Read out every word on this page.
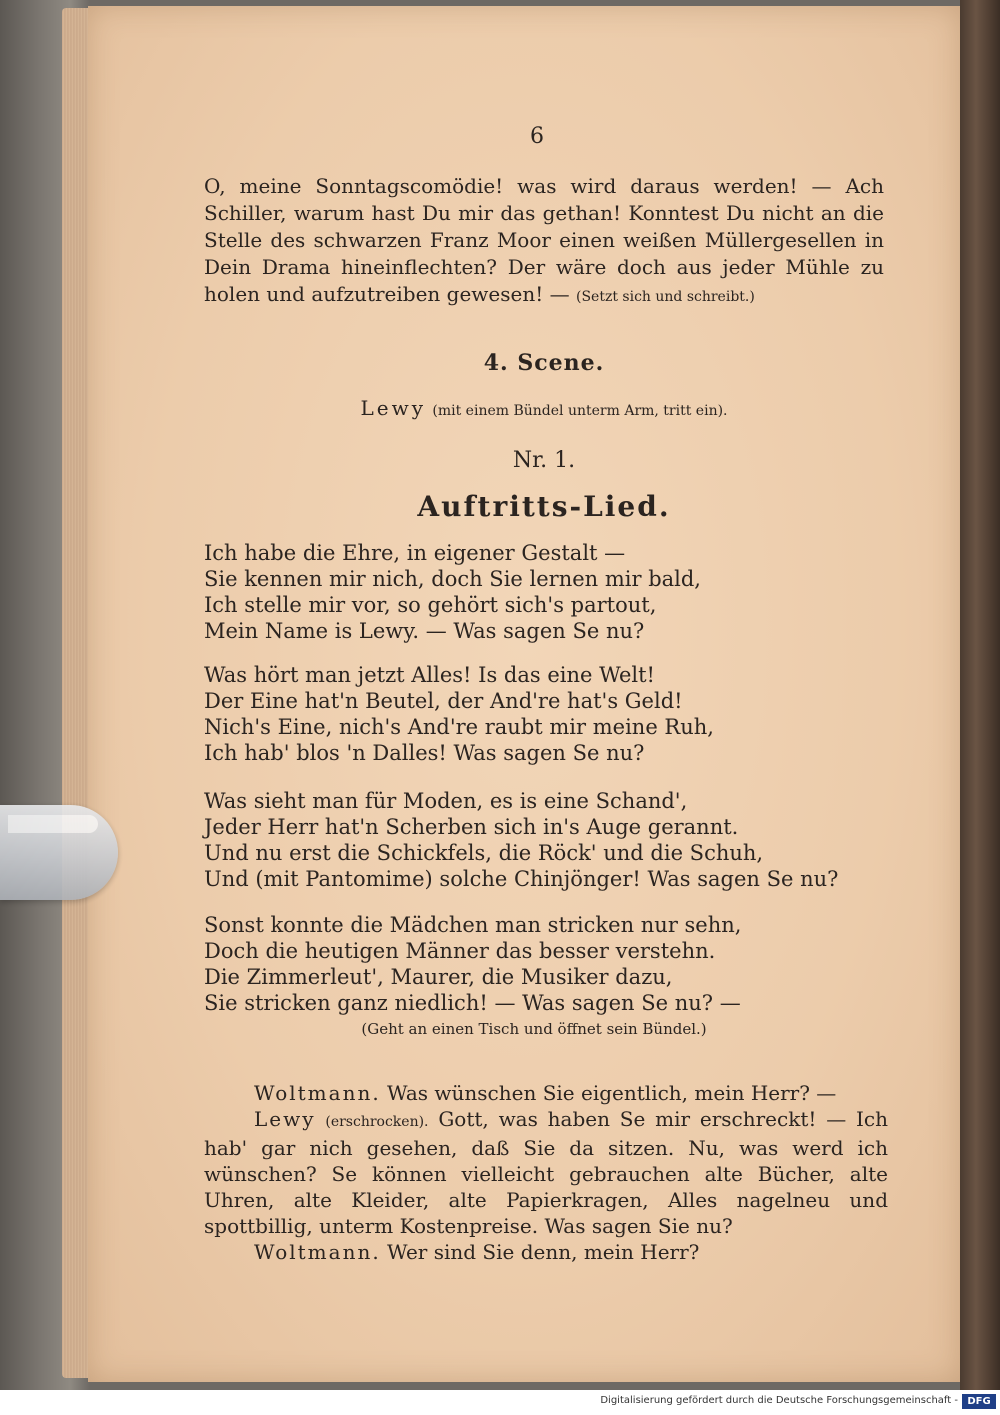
6
O, meine Sonntagscomödie! was wird daraus werden! — Ach Schiller, warum hast Du mir das gethan! Konntest Du nicht an die Stelle des schwarzen Franz Moor einen weißen Müllergesellen in Dein Drama hineinflechten? Der wäre doch aus jeder Mühle zu holen und aufzutreiben gewesen! — (Setzt sich und schreibt.)
4. Scene.
Lewy (mit einem Bündel unterm Arm, tritt ein).
Nr. 1.
Auftritts-Lied.
Ich habe die Ehre, in eigener Gestalt —
Sie kennen mir nich, doch Sie lernen mir bald,
Ich stelle mir vor, so gehört sich's partout,
Mein Name is Lewy. — Was sagen Se nu?
Was hört man jetzt Alles! Is das eine Welt!
Der Eine hat'n Beutel, der And're hat's Geld!
Nich's Eine, nich's And're raubt mir meine Ruh,
Ich hab' blos 'n Dalles! Was sagen Se nu?
Was sieht man für Moden, es is eine Schand',
Jeder Herr hat'n Scherben sich in's Auge gerannt.
Und nu erst die Schickfels, die Röck' und die Schuh,
Und (mit Pantomime) solche Chinjönger! Was sagen Se nu?
Sonst konnte die Mädchen man stricken nur sehn,
Doch die heutigen Männer das besser verstehn.
Die Zimmerleut', Maurer, die Musiker dazu,
Sie stricken ganz niedlich! — Was sagen Se nu? —
(Geht an einen Tisch und öffnet sein Bündel.)
Woltmann. Was wünschen Sie eigentlich, mein Herr? —
Lewy (erschrocken). Gott, was haben Se mir erschreckt! — Ich hab' gar nich gesehen, daß Sie da sitzen. Nu, was werd ich wünschen? Se können vielleicht gebrauchen alte Bücher, alte Uhren, alte Kleider, alte Papierkragen, Alles nagelneu und spottbillig, unterm Kostenpreise. Was sagen Sie nu?
Woltmann. Wer sind Sie denn, mein Herr?
Digitalisierung gefördert durch die Deutsche Forschungsgemeinschaft - DFG
